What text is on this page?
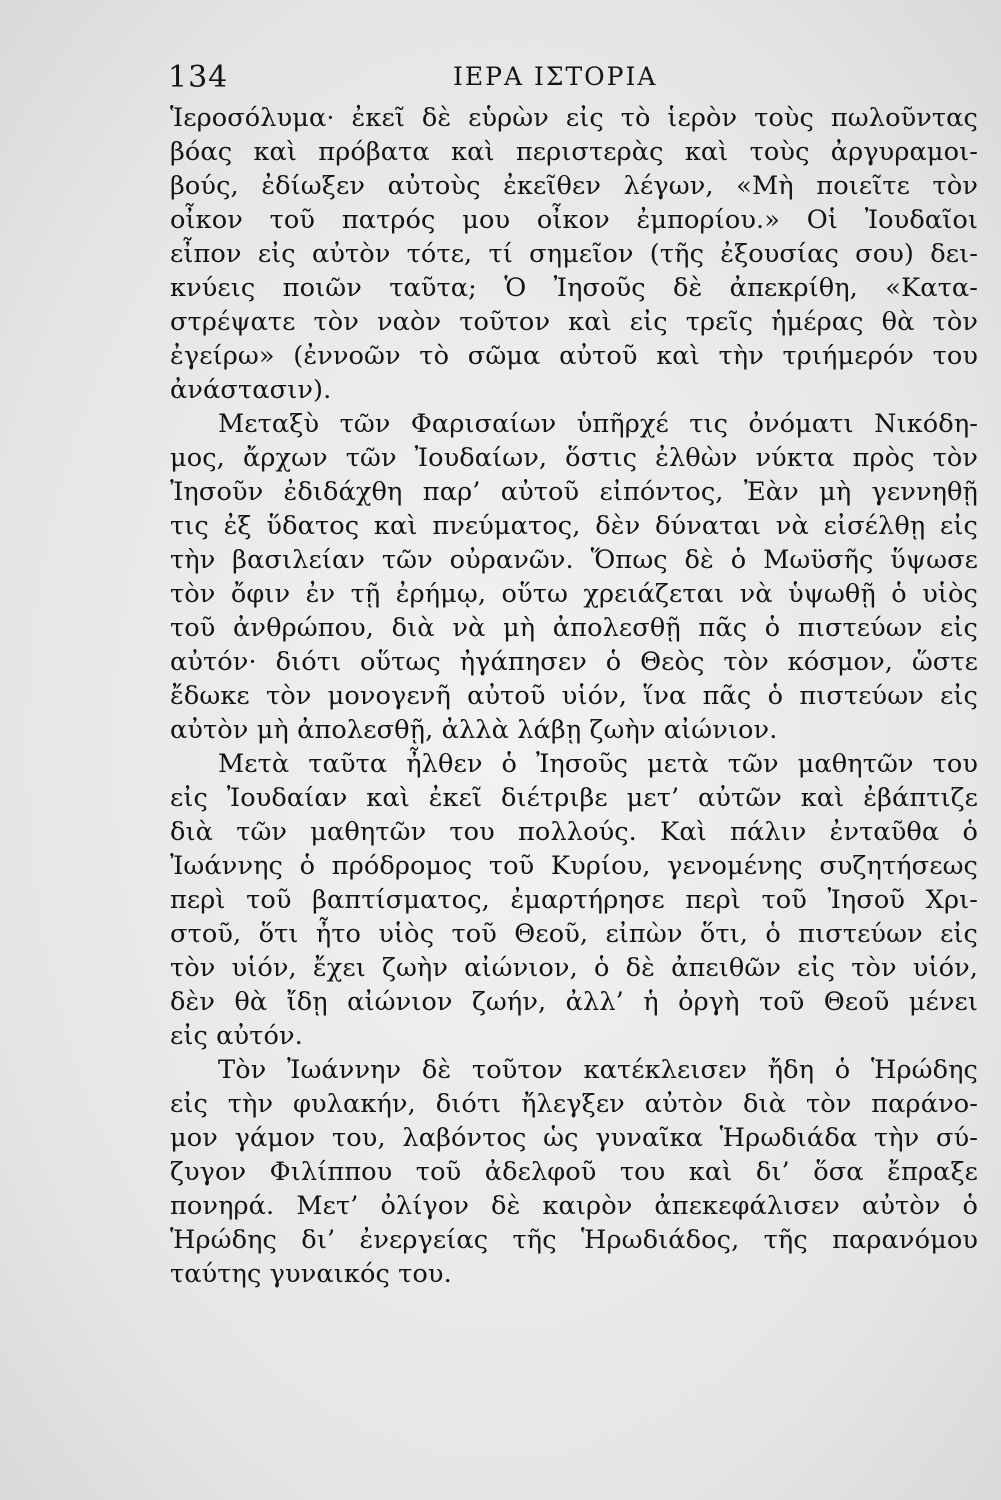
134	ΙΕΡΑ ΙΣΤΟΡΙΑ
Ἱεροσόλυμα· ἐκεῖ δὲ εὑρὼν εἰς τὸ ἱερὸν τοὺς πωλοῦντας
βόας καὶ πρόβατα καὶ περιστερὰς καὶ τοὺς ἀργυραμοι-
βούς, ἐδίωξεν αὐτοὺς ἐκεῖθεν λέγων, «Μὴ ποιεῖτε τὸν
οἶκον τοῦ πατρός μου οἶκον ἐμπορίου.» Οἱ Ἰουδαῖοι
εἶπον εἰς αὐτὸν τότε, τί σημεῖον (τῆς ἐξουσίας σου) δει-
κνύεις ποιῶν ταῦτα; Ὁ Ἰησοῦς δὲ ἀπεκρίθη, «Κατα-
στρέψατε τὸν ναὸν τοῦτον καὶ εἰς τρεῖς ἡμέρας θὰ τὸν
ἐγείρω» (ἐννοῶν τὸ σῶμα αὐτοῦ καὶ τὴν τριήμερόν του
ἀνάστασιν).
Μεταξὺ τῶν Φαρισαίων ὑπῆρχέ τις ὀνόματι Νικόδη-
μος, ἄρχων τῶν Ἰουδαίων, ὅστις ἐλθὼν νύκτα πρὸς τὸν
Ἰησοῦν ἐδιδάχθη παρ’ αὐτοῦ εἰπόντος, Ἐὰν μὴ γεννηθῇ
τις ἐξ ὕδατος καὶ πνεύματος, δὲν δύναται νὰ εἰσέλθῃ εἰς
τὴν βασιλείαν τῶν οὐρανῶν. Ὅπως δὲ ὁ Μωϋσῆς ὕψωσε
τὸν ὄφιν ἐν τῇ ἐρήμῳ, οὕτω χρειάζεται νὰ ὑψωθῇ ὁ υἱὸς
τοῦ ἀνθρώπου, διὰ νὰ μὴ ἀπολεσθῇ πᾶς ὁ πιστεύων εἰς
αὐτόν· διότι οὕτως ἠγάπησεν ὁ Θεὸς τὸν κόσμον, ὥστε
ἔδωκε τὸν μονογενῆ αὐτοῦ υἱόν, ἵνα πᾶς ὁ πιστεύων εἰς
αὐτὸν μὴ ἀπολεσθῇ, ἀλλὰ λάβῃ ζωὴν αἰώνιον.
Μετὰ ταῦτα ἦλθεν ὁ Ἰησοῦς μετὰ τῶν μαθητῶν του
εἰς Ἰουδαίαν καὶ ἐκεῖ διέτριβε μετ’ αὐτῶν καὶ ἐβάπτιζε
διὰ τῶν μαθητῶν του πολλούς. Καὶ πάλιν ἐνταῦθα ὁ
Ἰωάννης ὁ πρόδρομος τοῦ Κυρίου, γενομένης συζητήσεως
περὶ τοῦ βαπτίσματος, ἐμαρτήρησε περὶ τοῦ Ἰησοῦ Χρι-
στοῦ, ὅτι ἦτο υἱὸς τοῦ Θεοῦ, εἰπὼν ὅτι, ὁ πιστεύων εἰς
τὸν υἱόν, ἔχει ζωὴν αἰώνιον, ὁ δὲ ἀπειθῶν εἰς τὸν υἱόν,
δὲν θὰ ἴδῃ αἰώνιον ζωήν, ἀλλ’ ἡ ὀργὴ τοῦ Θεοῦ μένει
εἰς αὐτόν.
Τὸν Ἰωάννην δὲ τοῦτον κατέκλεισεν ἤδη ὁ Ἡρώδης
εἰς τὴν φυλακήν, διότι ἤλεγξεν αὐτὸν διὰ τὸν παράνο-
μον γάμον του, λαβόντος ὡς γυναῖκα Ἡρωδιάδα τὴν σύ-
ζυγον Φιλίππου τοῦ ἀδελφοῦ του καὶ δι’ ὅσα ἔπραξε
πονηρά. Μετ’ ὀλίγον δὲ καιρὸν ἀπεκεφάλισεν αὐτὸν ὁ
Ἡρώδης δι’ ἐνεργείας τῆς Ἡρωδιάδος, τῆς παρανόμου
ταύτης γυναικός του.
